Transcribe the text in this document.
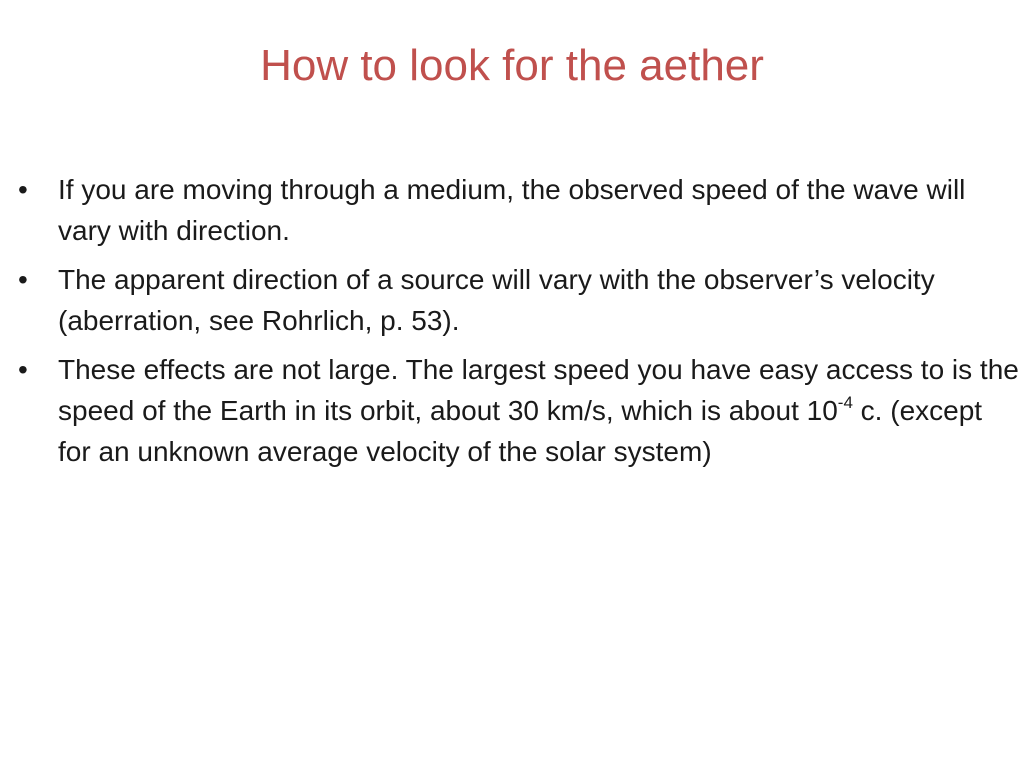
How to look for the aether
•	If you are moving through a medium, the observed speed of the wave will vary with direction.
•	The apparent direction of a source will vary with the observer’s velocity (aberration, see Rohrlich, p. 53).
•	These effects are not large. The largest speed you have easy access to is the speed of the Earth in its orbit, about 30 km/s, which is about $10^{-4}$ c. (except for an unknown average velocity of the solar system)
